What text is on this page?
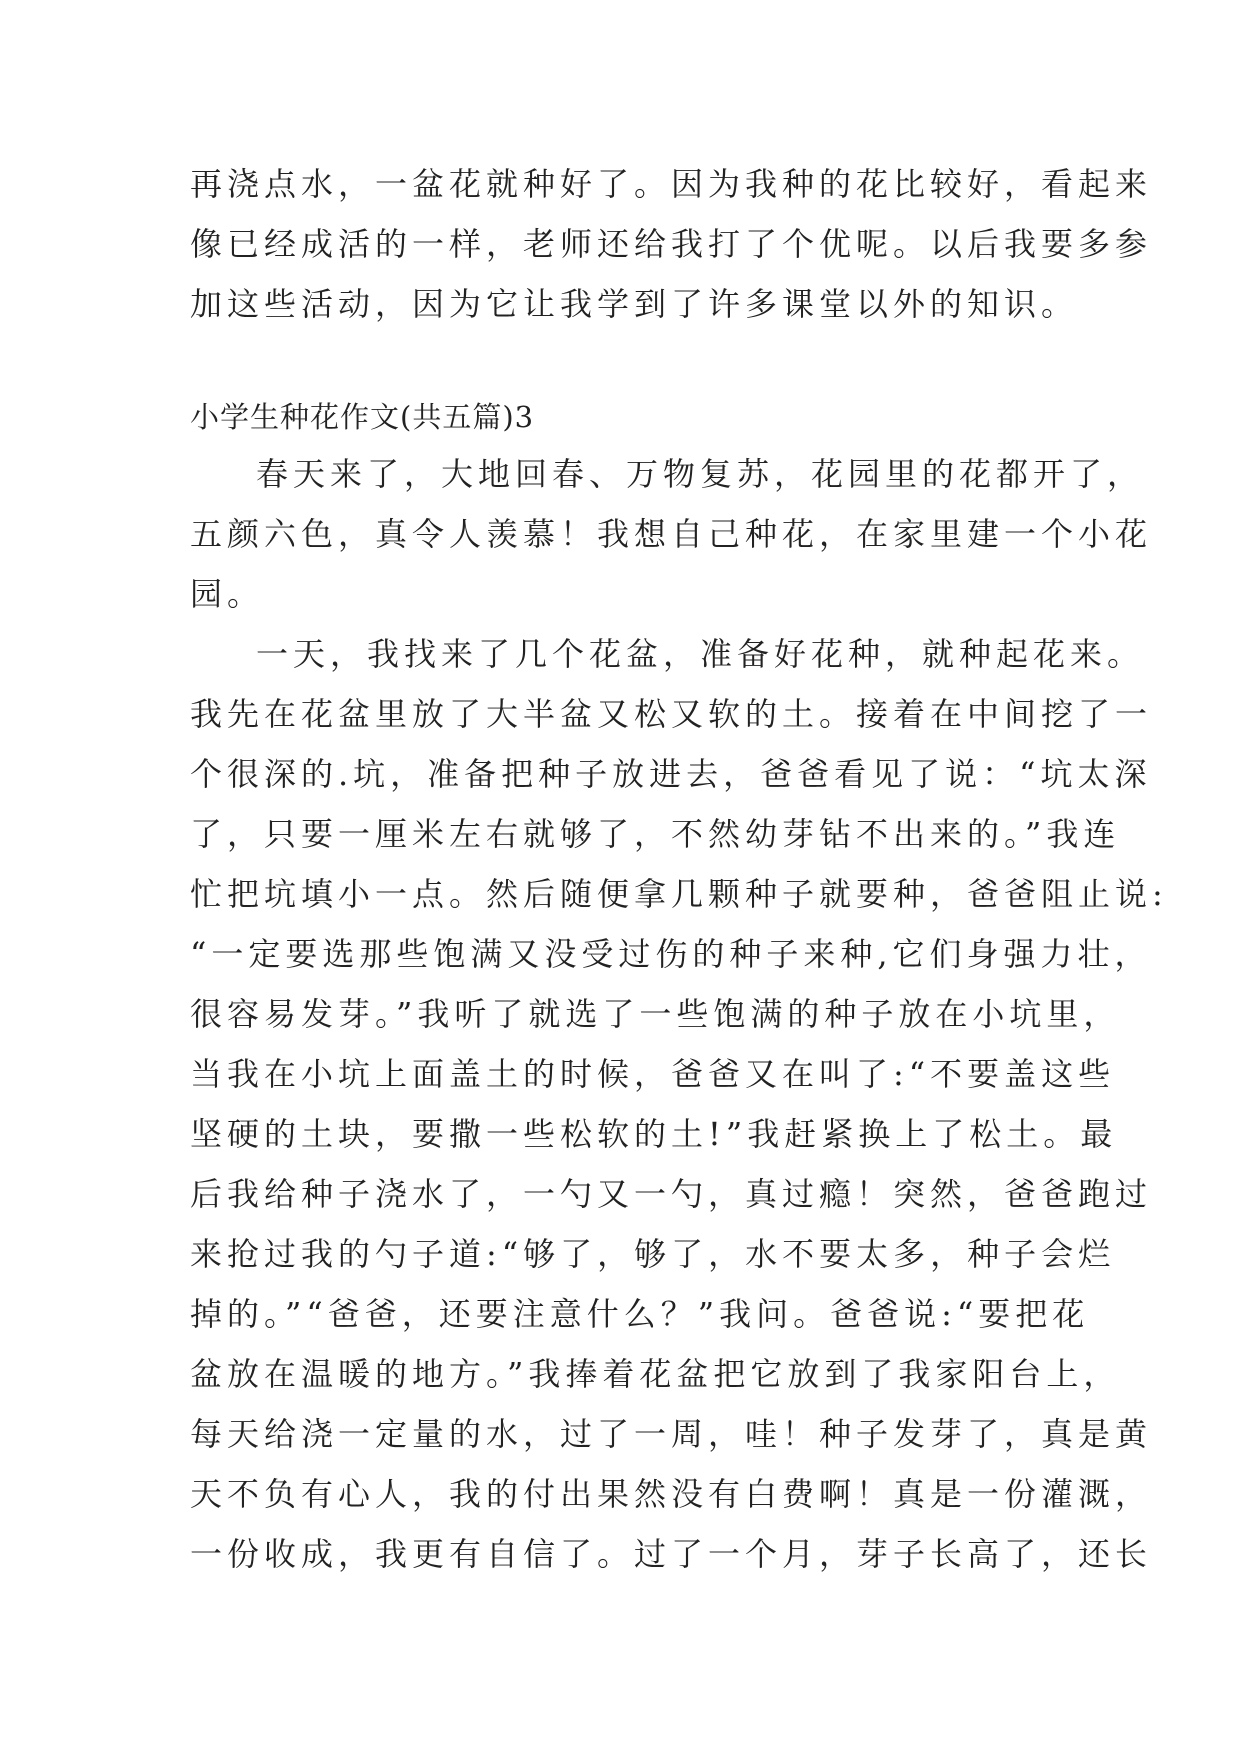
再浇点水，一盆花就种好了。因为我种的花比较好，看起来
像已经成活的一样，老师还给我打了个优呢。以后我要多参
加这些活动，因为它让我学到了许多课堂以外的知识。
小学生种花作文(共五篇)3
春天来了，大地回春、万物复苏，花园里的花都开了，
五颜六色，真令人羡慕！我想自己种花，在家里建一个小花
园。
一天，我找来了几个花盆，准备好花种，就种起花来。
我先在花盆里放了大半盆又松又软的土。接着在中间挖了一
个很深的.坑，准备把种子放进去，爸爸看见了说：“坑太深
了，只要一厘米左右就够了，不然幼芽钻不出来的。”我连
忙把坑填小一点。然后随便拿几颗种子就要种，爸爸阻止说:
“一定要选那些饱满又没受过伤的种子来种,它们身强力壮，
很容易发芽。”我听了就选了一些饱满的种子放在小坑里，
当我在小坑上面盖土的时候，爸爸又在叫了:“不要盖这些
坚硬的土块，要撒一些松软的土!”我赶紧换上了松土。最
后我给种子浇水了，一勺又一勺，真过瘾！突然，爸爸跑过
来抢过我的勺子道:“够了，够了，水不要太多，种子会烂
掉的。”“爸爸，还要注意什么？”我问。爸爸说:“要把花
盆放在温暖的地方。”我捧着花盆把它放到了我家阳台上，
每天给浇一定量的水，过了一周，哇！种子发芽了，真是黄
天不负有心人，我的付出果然没有白费啊！真是一份灌溉，
一份收成，我更有自信了。过了一个月，芽子长高了，还长
